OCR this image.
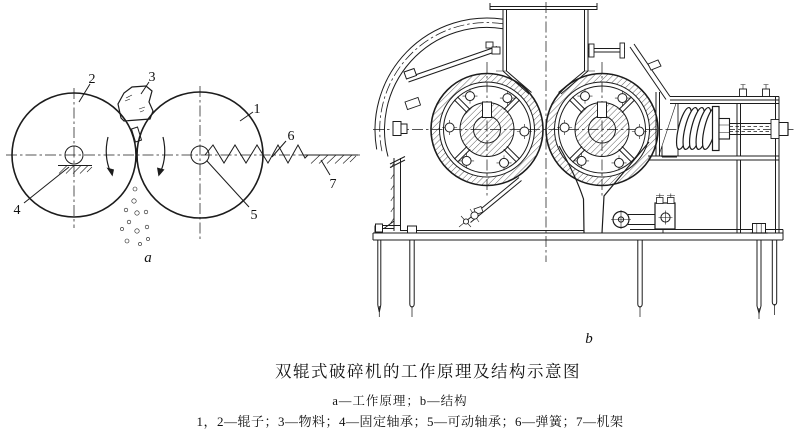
2	3
1
6
7
4	5
a
b
双辊式破碎机的工作原理及结构示意图
a—工作原理；b—结构
1，2—辊子；3—物料；4—固定轴承；5—可动轴承；6—弹簧；7—机架
